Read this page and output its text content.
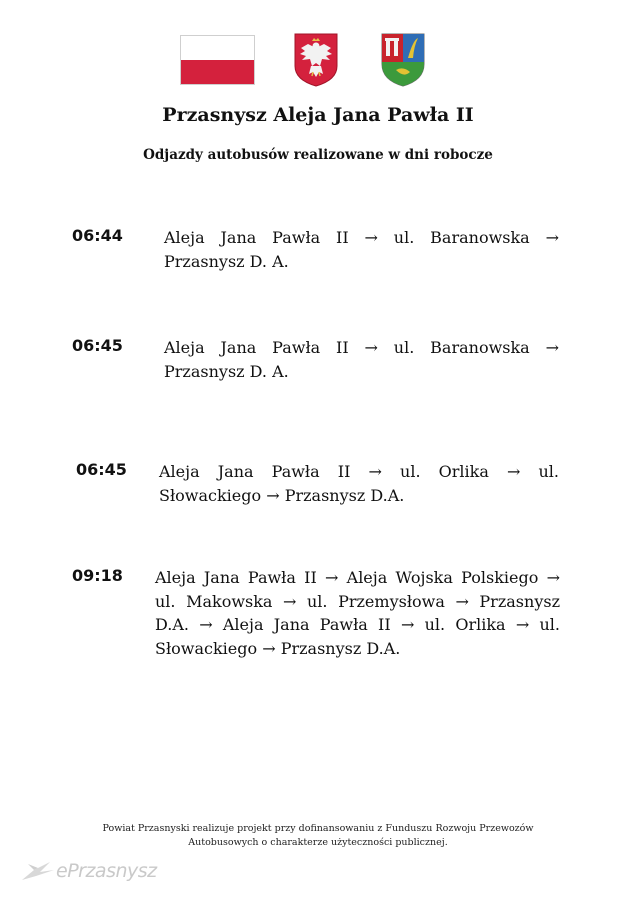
Przasnysz Aleja Jana Pawła II
Odjazdy autobusów realizowane w dni robocze
06:44	Aleja Jana Pawła II → ul. Baranowska → Przasnysz D. A.
06:45	Aleja Jana Pawła II → ul. Baranowska → Przasnysz D. A.
06:45 Aleja Jana Pawła II → ul. Orlika → ul. Słowackiego → Przasnysz D.A.
09:18 Aleja Jana Pawła II → Aleja Wojska Polskiego → ul. Makowska → ul. Przemysłowa → Przasnysz D.A. → Aleja Jana Pawła II → ul. Orlika → ul. Słowackiego → Przasnysz D.A.
Powiat Przasnyski realizuje projekt przy dofinansowaniu z Funduszu Rozwoju Przewozów
Autobusowych o charakterze użyteczności publicznej.
ePrzasnysz
